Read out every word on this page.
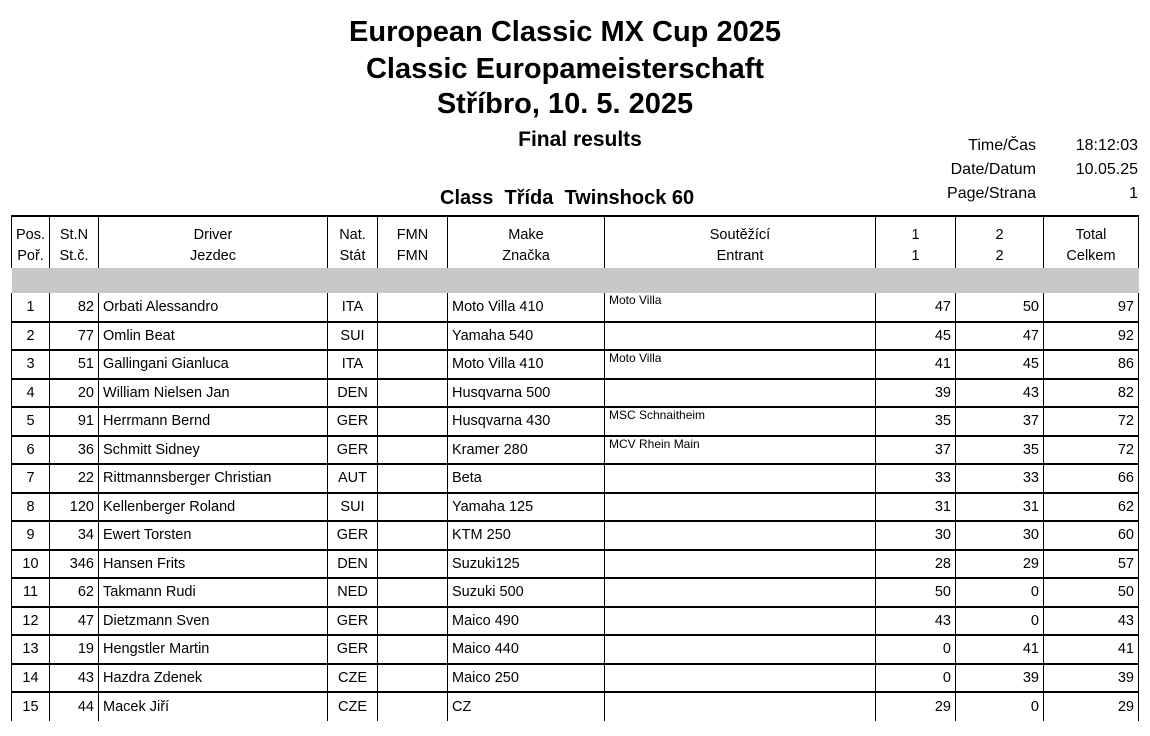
European Classic MX Cup 2025
Classic Europameisterschaft
Stříbro, 10. 5. 2025
Final results
Class  Třída  Twinshock 60
Time/Čas 18:12:03
Date/Datum 10.05.25
Page/Strana	1
Pos.	St.N	Driver	Nat.	FMN	Make	Soutěžící	1	2	Total
Poř.	St.č.	Jezdec	Stát	FMN	Značka	Entrant	1	2	Celkem

1	82	Orbati Alessandro	ITA		Moto Villa 410	Moto Villa	47	50	97
2	77	Omlin Beat	SUI		Yamaha 540		45	47	92
3	51	Gallingani Gianluca	ITA		Moto Villa 410	Moto Villa	41	45	86
4	20	William Nielsen Jan	DEN		Husqvarna 500		39	43	82
5	91	Herrmann Bernd	GER		Husqvarna 430	MSC Schnaitheim	35	37	72
6	36	Schmitt Sidney	GER		Kramer 280	MCV Rhein Main	37	35	72
7	22	Rittmannsberger Christian	AUT		Beta		33	33	66
8	120	Kellenberger Roland	SUI		Yamaha 125		31	31	62
9	34	Ewert Torsten	GER		KTM 250		30	30	60
10	346	Hansen Frits	DEN		Suzuki125		28	29	57
11	62	Takmann Rudi	NED		Suzuki 500		50	0	50
12	47	Dietzmann Sven	GER		Maico 490		43	0	43
13	19	Hengstler Martin	GER		Maico 440		0	41	41
14	43	Hazdra Zdenek	CZE		Maico 250		0	39	39
15	44	Macek Jiří	CZE		CZ		29	0	29
